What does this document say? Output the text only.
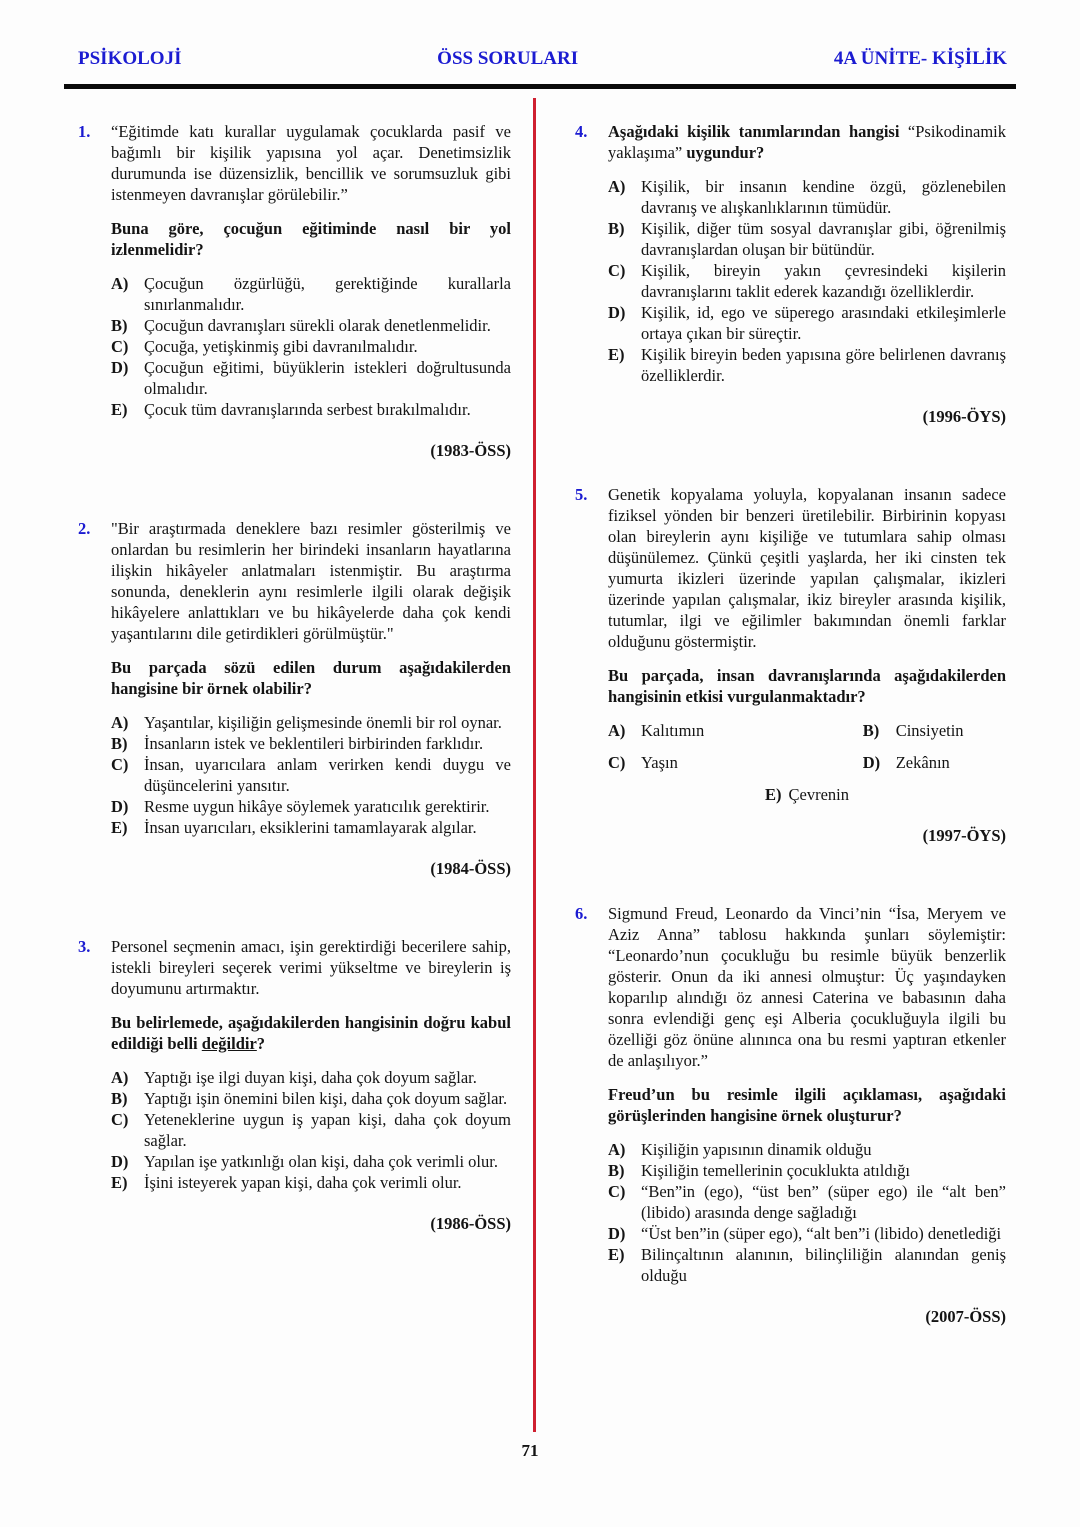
PSİKOLOJİ	ÖSS SORULARI	4A ÜNİTE- KİŞİLİK
1.	“Eğitimde katı kurallar uygulamak çocuklarda pasif ve bağımlı bir kişilik yapısına yol açar. Denetimsizlik durumunda ise düzensizlik, bencillik ve sorumsuzluk gibi istenmeyen davranışlar görülebilir.”

Buna göre, çocuğun eğitiminde nasıl bir yol izlenmelidir?

A) Çocuğun özgürlüğü, gerektiğinde kurallarla sınırlanmalıdır.
B)	Çocuğun davranışları sürekli olarak denetlenmelidir.
C) Çocuğa, yetişkinmiş gibi davranılmalıdır.
D) Çocuğun eğitimi, büyüklerin istekleri doğrultusunda olmalıdır.
E)	Çocuk tüm davranışlarında serbest bırakılmalıdır.
(1983-ÖSS)
2.	"Bir araştırmada deneklere bazı resimler gösterilmiş ve onlardan bu resimlerin her birindeki insanların hayatlarına ilişkin hikâyeler anlatmaları istenmiştir. Bu araştırma sonunda, deneklerin aynı resimlerle ilgili olarak değişik hikâyelere anlattıkları ve bu hikâyelerde daha çok kendi yaşantılarını dile getirdikleri görülmüştür."

Bu parçada sözü edilen durum aşağıdakilerden hangisine bir örnek olabilir?

A) Yaşantılar, kişiliğin gelişmesinde önemli bir rol oynar.
B)	İnsanların istek ve beklentileri birbirinden farklıdır.
C) İnsan, uyarıcılara anlam verirken kendi duygu ve düşüncelerini yansıtır.
D) Resme uygun hikâye söylemek yaratıcılık gerektirir.
E)	İnsan uyarıcıları, eksiklerini tamamlayarak algılar.
(1984-ÖSS)
3.	Personel seçmenin amacı, işin gerektirdiği becerilere sahip, istekli bireyleri seçerek verimi yükseltme ve bireylerin iş doyumunu artırmaktır.

Bu belirlemede, aşağıdakilerden hangisinin doğru kabul edildiği belli değildir?

A) Yaptığı işe ilgi duyan kişi, daha çok doyum sağlar.
B)	Yaptığı işin önemini bilen kişi, daha çok doyum sağlar.
C) Yeteneklerine uygun iş yapan kişi, daha çok doyum sağlar.
D) Yapılan işe yatkınlığı olan kişi, daha çok verimli olur.
E)	İşini isteyerek yapan kişi, daha çok verimli olur.
(1986-ÖSS)
4.	Aşağıdaki kişilik tanımlarından hangisi “Psikodinamik yaklaşıma” uygundur?

A) Kişilik, bir insanın kendine özgü, gözlenebilen davranış ve alışkanlıklarının tümüdür.
B)	Kişilik, diğer tüm sosyal davranışlar gibi, öğrenilmiş davranışlardan oluşan bir bütündür.
C) Kişilik, bireyin yakın çevresindeki kişilerin davranışlarını taklit ederek kazandığı özelliklerdir.
D) Kişilik, id, ego ve süperego arasındaki etkileşimlerle ortaya çıkan bir süreçtir.
E)	Kişilik bireyin beden yapısına göre belirlenen davranış özelliklerdir.
(1996-ÖYS)
5.	Genetik kopyalama yoluyla, kopyalanan insanın sadece fiziksel yönden bir benzeri üretilebilir. Birbirinin kopyası olan bireylerin aynı kişiliğe ve tutumlara sahip olması düşünülemez. Çünkü çeşitli yaşlarda, her iki cinsten tek yumurta ikizleri üzerinde yapılan çalışmalar, ikizleri üzerinde yapılan çalışmalar, ikiz bireyler arasında kişilik, tutumlar, ilgi ve eğilimler bakımından önemli farklar olduğunu göstermiştir.

Bu parçada, insan davranışlarında aşağıdakilerden hangisinin etkisi vurgulanmaktadır?

A) Kalıtımın	B)	Cinsiyetin
C) Yaşın	D) Zekânın
E) Çevrenin
(1997-ÖYS)
6.	Sigmund Freud, Leonardo da Vinci’nin “İsa, Meryem ve Aziz Anna” tablosu hakkında şunları söylemiştir: “Leonardo’nun çocukluğu bu resimle büyük benzerlik gösterir. Onun da iki annesi olmuştur: Üç yaşındayken koparılıp alındığı öz annesi Caterina ve babasının daha sonra evlendiği genç eşi Alberia çocukluğuyla ilgili bu özelliği göz önüne alınınca ona bu resmi yaptıran etkenler de anlaşılıyor.”

Freud’un bu resimle ilgili açıklaması, aşağıdaki görüşlerinden hangisine örnek oluşturur?

A) Kişiliğin yapısının dinamik olduğu
B)	Kişiliğin temellerinin çocuklukta atıldığı
C) “Ben”in (ego), “üst ben” (süper ego) ile “alt ben” (libido) arasında denge sağladığı
D) “Üst ben”in (süper ego), “alt ben”i (libido) denetlediği
E)	Bilinçaltının alanının, bilinçliliğin alanından geniş olduğu
(2007-ÖSS)
71
